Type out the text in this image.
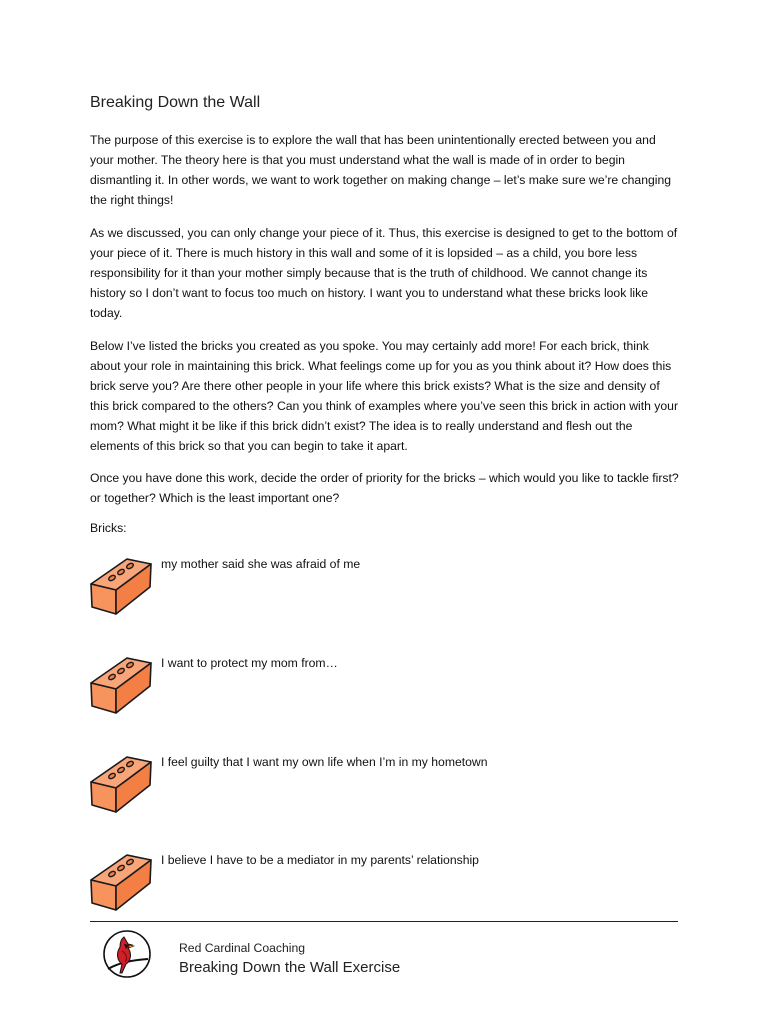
Breaking Down the Wall

The purpose of this exercise is to explore the wall that has been unintentionally erected between you and your mother. The theory here is that you must understand what the wall is made of in order to begin dismantling it. In other words, we want to work together on making change – let’s make sure we’re changing the right things!

As we discussed, you can only change your piece of it. Thus, this exercise is designed to get to the bottom of your piece of it. There is much history in this wall and some of it is lopsided – as a child, you bore less responsibility for it than your mother simply because that is the truth of childhood. We cannot change its history so I don’t want to focus too much on history. I want you to understand what these bricks look like today.

Below I’ve listed the bricks you created as you spoke. You may certainly add more! For each brick, think about your role in maintaining this brick. What feelings come up for you as you think about it? How does this brick serve you? Are there other people in your life where this brick exists? What is the size and density of this brick compared to the others? Can you think of examples where you’ve seen this brick in action with your mom? What might it be like if this brick didn’t exist? The idea is to really understand and flesh out the elements of this brick so that you can begin to take it apart.

Once you have done this work, decide the order of priority for the bricks – which would you like to tackle first? or together? Which is the least important one?

Bricks:

my mother said she was afraid of me
I want to protect my mom from…
I feel guilty that I want my own life when I’m in my hometown
I believe I have to be a mediator in my parents’ relationship
Red Cardinal Coaching
Breaking Down the Wall Exercise
